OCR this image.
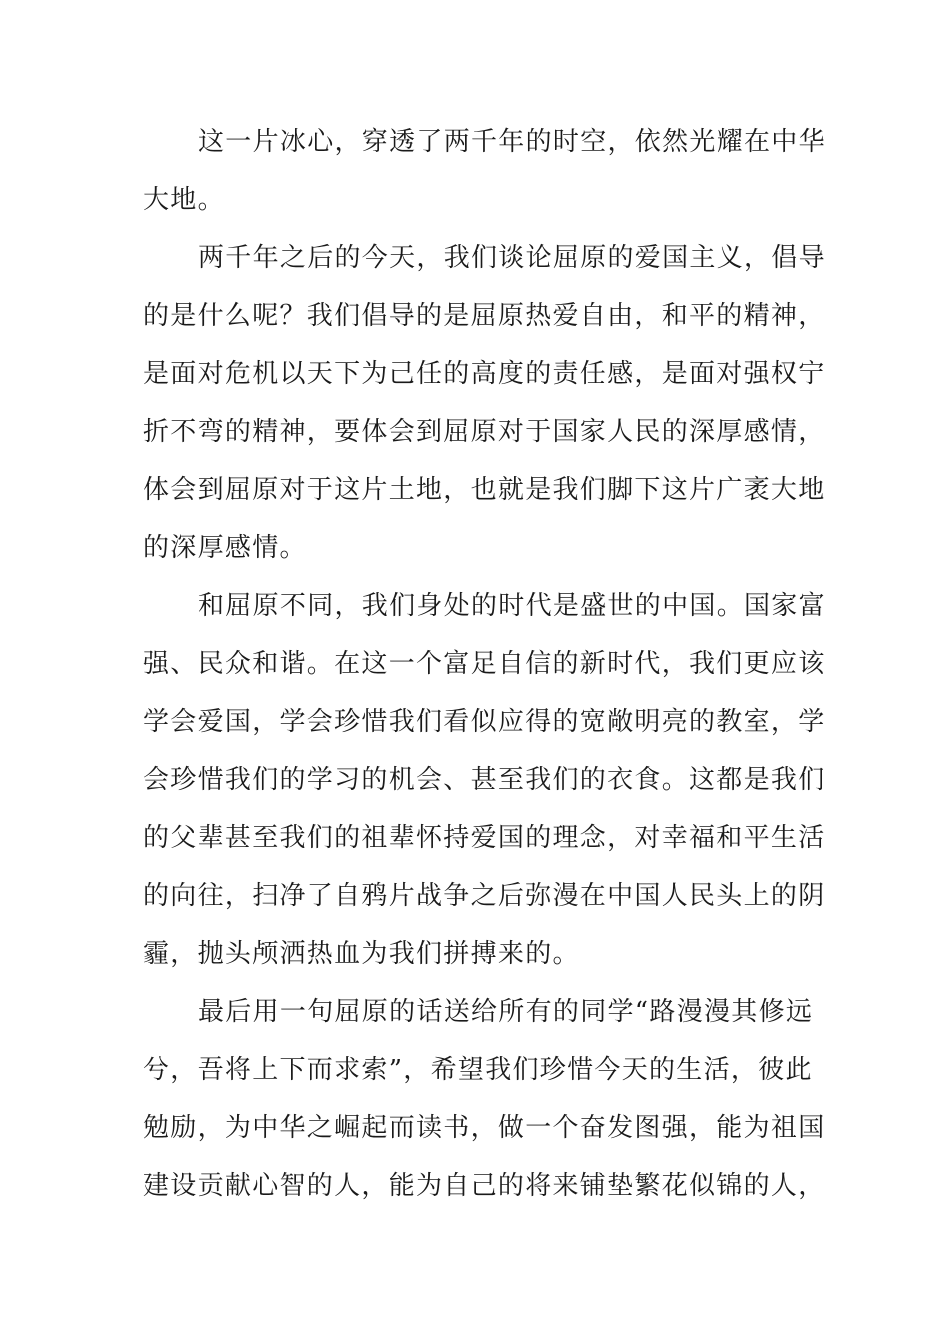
这一片冰心，穿透了两千年的时空，依然光耀在中华
大地。
两千年之后的今天，我们谈论屈原的爱国主义，倡导
的是什么呢？我们倡导的是屈原热爱自由，和平的精神，
是面对危机以天下为己任的高度的责任感，是面对强权宁
折不弯的精神，要体会到屈原对于国家人民的深厚感情，
体会到屈原对于这片土地，也就是我们脚下这片广袤大地
的深厚感情。
和屈原不同，我们身处的时代是盛世的中国。国家富
强、民众和谐。在这一个富足自信的新时代，我们更应该
学会爱国，学会珍惜我们看似应得的宽敞明亮的教室，学
会珍惜我们的学习的机会、甚至我们的衣食。这都是我们
的父辈甚至我们的祖辈怀持爱国的理念，对幸福和平生活
的向往，扫净了自鸦片战争之后弥漫在中国人民头上的阴
霾，抛头颅洒热血为我们拼搏来的。
最后用一句屈原的话送给所有的同学“路漫漫其修远
兮，吾将上下而求索”，希望我们珍惜今天的生活，彼此
勉励，为中华之崛起而读书，做一个奋发图强，能为祖国
建设贡献心智的人，能为自己的将来铺垫繁花似锦的人，
